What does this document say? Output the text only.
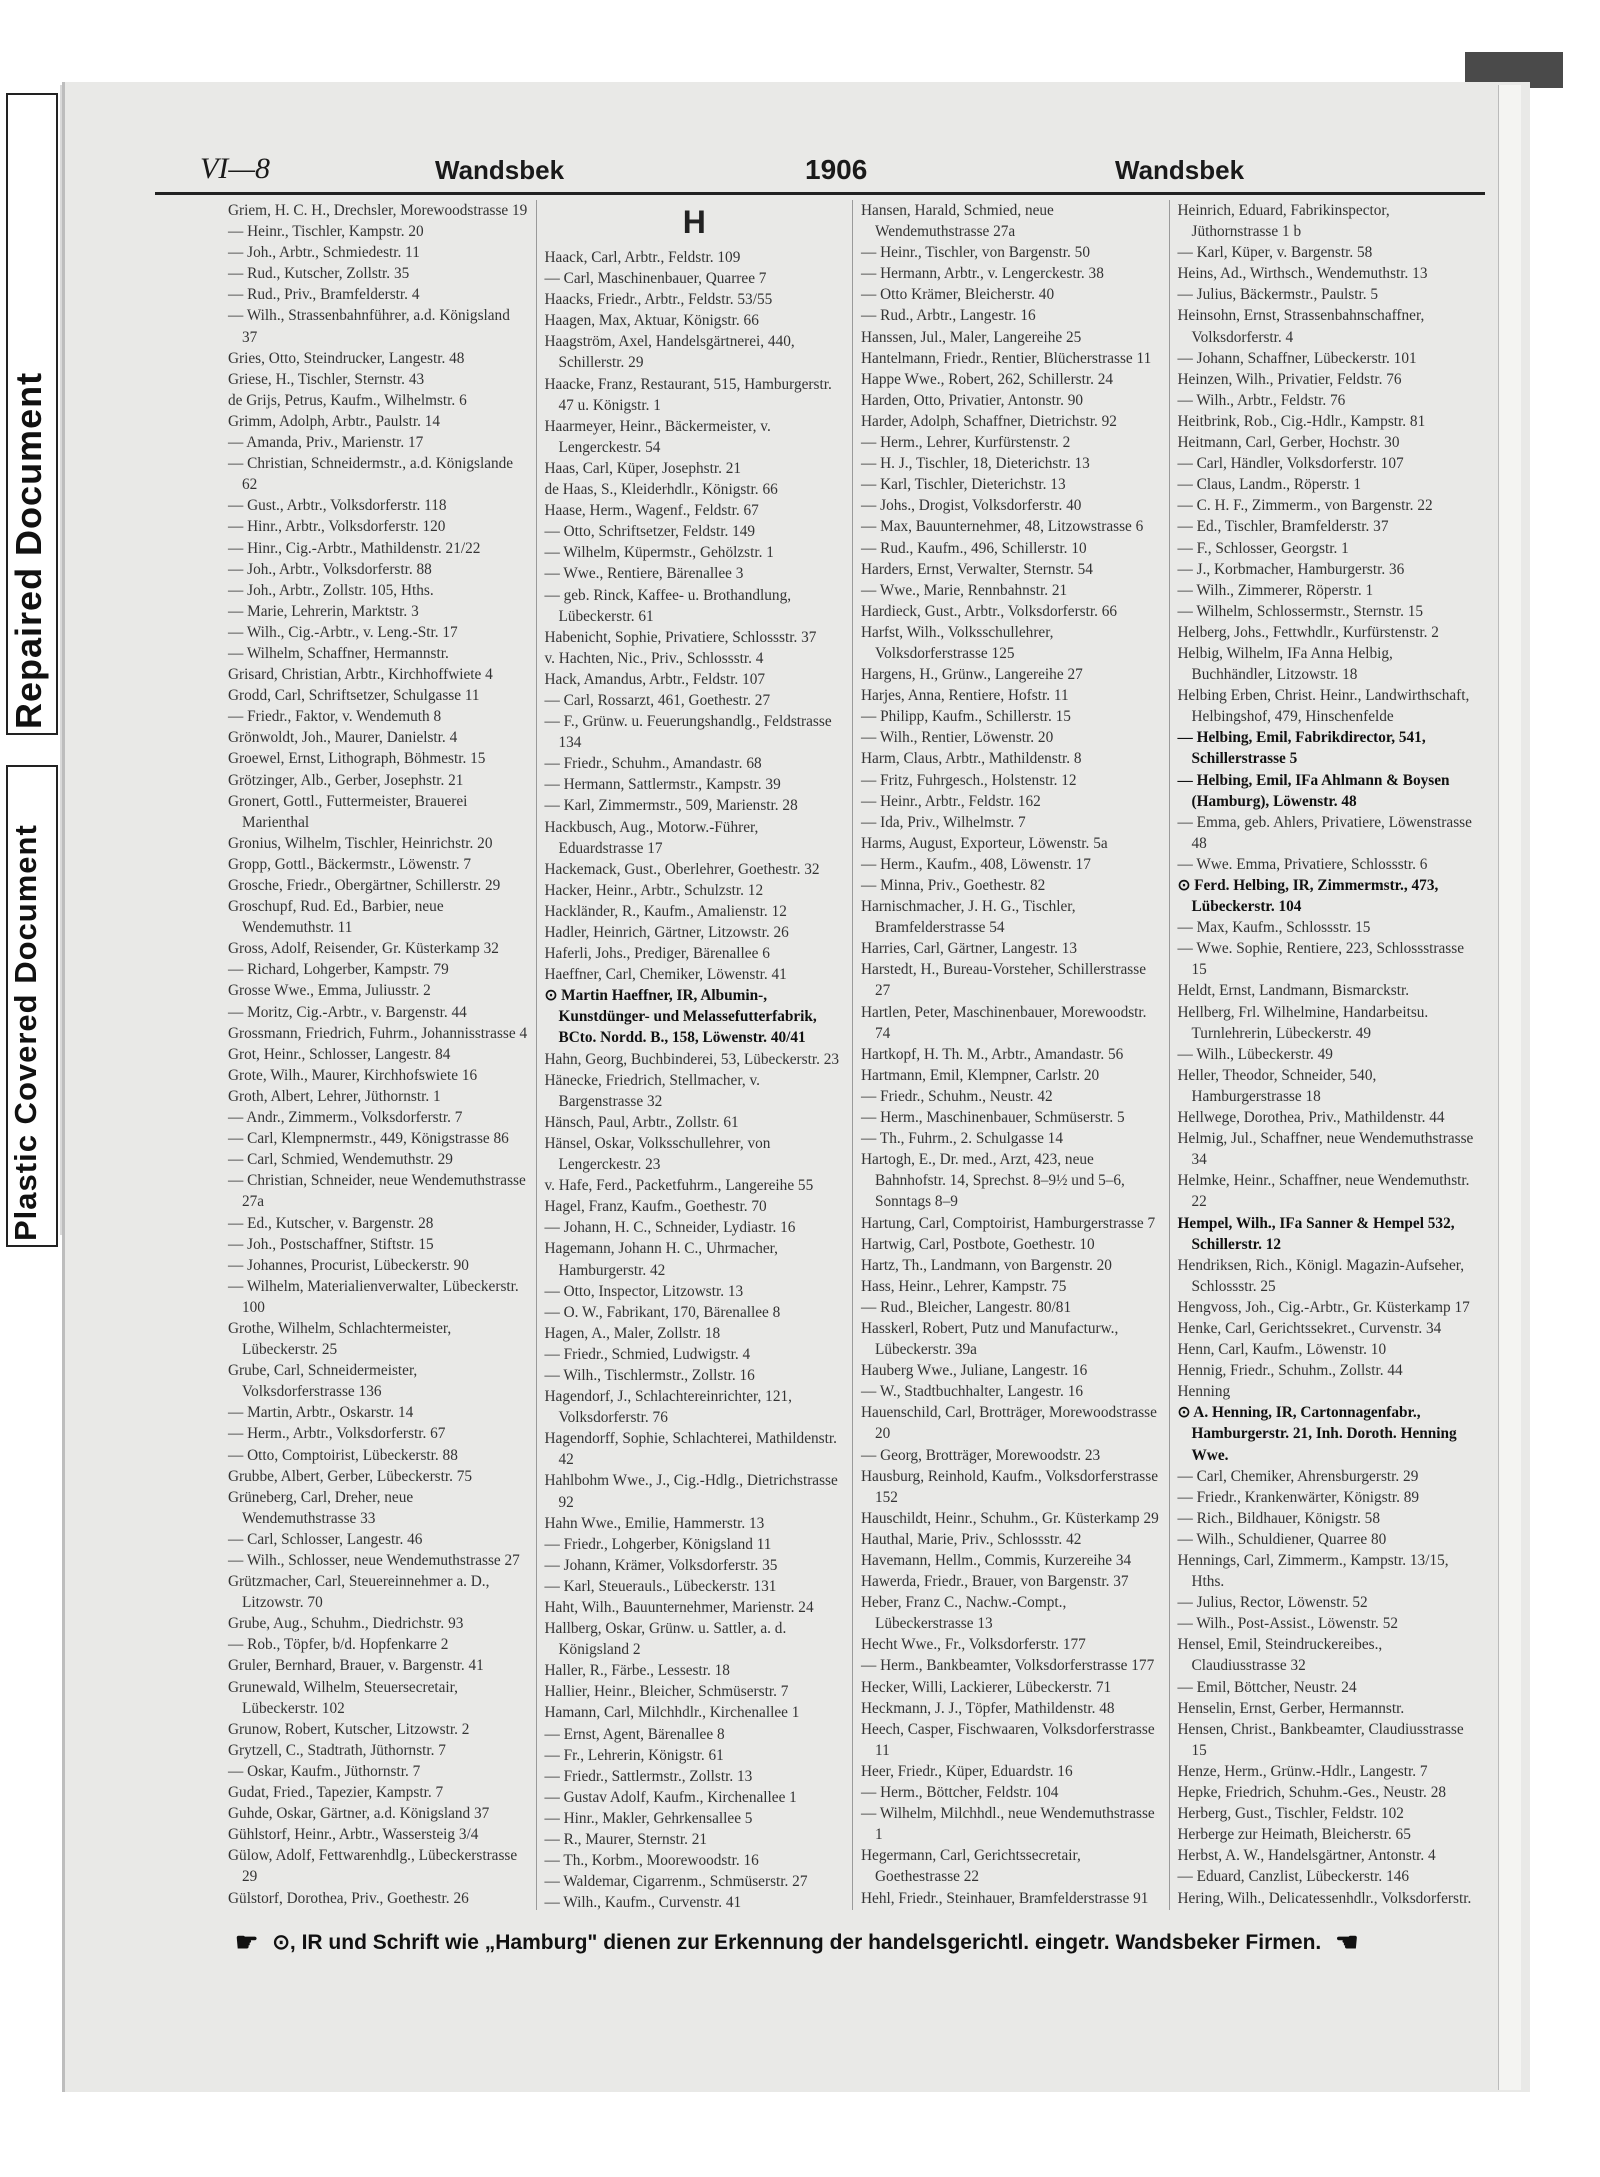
Repaired Document
Plastic Covered Document
VI—8	Wandsbek	1906	Wandsbek
Griem, H. C. H., Drechsler, Morewoodstrasse 19
— Heinr., Tischler, Kampstr. 20
— Joh., Arbtr., Schmiedestr. 11
— Rud., Kutscher, Zollstr. 35
— Rud., Priv., Bramfelderstr. 4
— Wilh., Strassenbahnführer, a.d. Königsland 37
Gries, Otto, Steindrucker, Langestr. 48
Griese, H., Tischler, Sternstr. 43
de Grijs, Petrus, Kaufm., Wilhelmstr. 6
Grimm, Adolph, Arbtr., Paulstr. 14
— Amanda, Priv., Marienstr. 17
— Christian, Schneidermstr., a.d. Königslande 62
— Gust., Arbtr., Volksdorferstr. 118
— Hinr., Arbtr., Volksdorferstr. 120
— Hinr., Cig.-Arbtr., Mathildenstr. 21/22
— Joh., Arbtr., Volksdorferstr. 88
— Joh., Arbtr., Zollstr. 105, Hths.
— Marie, Lehrerin, Marktstr. 3
— Wilh., Cig.-Arbtr., v. Leng.-Str. 17
— Wilhelm, Schaffner, Hermannstr.
Grisard, Christian, Arbtr., Kirchhoffwiete 4
Grodd, Carl, Schriftsetzer, Schulgasse 11
— Friedr., Faktor, v. Wendemuth 8
Grönwoldt, Joh., Maurer, Danielstr. 4
Groewel, Ernst, Lithograph, Böhmestr. 15
Grötzinger, Alb., Gerber, Josephstr. 21
Gronert, Gottl., Futtermeister, Brauerei Marienthal
Gronius, Wilhelm, Tischler, Heinrichstr. 20
Gropp, Gottl., Bäckermstr., Löwenstr. 7
Grosche, Friedr., Obergärtner, Schillerstr. 29
Groschupf, Rud. Ed., Barbier, neue Wendemuthstr. 11
Gross, Adolf, Reisender, Gr. Küsterkamp 32
— Richard, Lohgerber, Kampstr. 79
Grosse Wwe., Emma, Juliusstr. 2
— Moritz, Cig.-Arbtr., v. Bargenstr. 44
Grossmann, Friedrich, Fuhrm., Johannisstrasse 4
Grot, Heinr., Schlosser, Langestr. 84
Grote, Wilh., Maurer, Kirchhofswiete 16
Groth, Albert, Lehrer, Jüthornstr. 1
— Andr., Zimmerm., Volksdorferstr. 7
— Carl, Klempnermstr., 449, Königstrasse 86
— Carl, Schmied, Wendemuthstr. 29
— Christian, Schneider, neue Wendemuthstrasse 27a
— Ed., Kutscher, v. Bargenstr. 28
— Joh., Postschaffner, Stiftstr. 15
— Johannes, Procurist, Lübeckerstr. 90
— Wilhelm, Materialienverwalter, Lübeckerstr. 100
Grothe, Wilhelm, Schlachtermeister, Lübeckerstr. 25
Grube, Carl, Schneidermeister, Volksdorferstrasse 136
— Martin, Arbtr., Oskarstr. 14
— Herm., Arbtr., Volksdorferstr. 67
— Otto, Comptoirist, Lübeckerstr. 88
Grubbe, Albert, Gerber, Lübeckerstr. 75
Grüneberg, Carl, Dreher, neue Wendemuthstrasse 33
— Carl, Schlosser, Langestr. 46
— Wilh., Schlosser, neue Wendemuthstrasse 27
Grützmacher, Carl, Steuereinnehmer a. D., Litzowstr. 70
Grube, Aug., Schuhm., Diedrichstr. 93
— Rob., Töpfer, b/d. Hopfenkarre 2
Gruler, Bernhard, Brauer, v. Bargenstr. 41
Grunewald, Wilhelm, Steuersecretair, Lübeckerstr. 102
Grunow, Robert, Kutscher, Litzowstr. 2
Grytzell, C., Stadtrath, Jüthornstr. 7
— Oskar, Kaufm., Jüthornstr. 7
Gudat, Fried., Tapezier, Kampstr. 7
Guhde, Oskar, Gärtner, a.d. Königsland 37
Gühlstorf, Heinr., Arbtr., Wassersteig 3/4
Gülow, Adolf, Fettwarenhdlg., Lübeckerstrasse 29
Gülstorf, Dorothea, Priv., Goethestr. 26
H
Haack, Carl, Arbtr., Feldstr. 109
— Carl, Maschinenbauer, Quarree 7
Haacks, Friedr., Arbtr., Feldstr. 53/55
Haagen, Max, Aktuar, Königstr. 66
Haagström, Axel, Handelsgärtnerei, 440, Schillerstr. 29
Haacke, Franz, Restaurant, 515, Hamburgerstr. 47 u. Königstr. 1
Haarmeyer, Heinr., Bäckermeister, v. Lengerckestr. 54
Haas, Carl, Küper, Josephstr. 21
de Haas, S., Kleiderhdlr., Königstr. 66
Haase, Herm., Wagenf., Feldstr. 67
— Otto, Schriftsetzer, Feldstr. 149
— Wilhelm, Küpermstr., Gehölzstr. 1
— Wwe., Rentiere, Bärenallee 3
— geb. Rinck, Kaffee- u. Brothandlung, Lübeckerstr. 61
Habenicht, Sophie, Privatiere, Schlossstr. 37
v. Hachten, Nic., Priv., Schlossstr. 4
Hack, Amandus, Arbtr., Feldstr. 107
— Carl, Rossarzt, 461, Goethestr. 27
— F., Grünw. u. Feuerungshandlg., Feldstrasse 134
— Friedr., Schuhm., Amandastr. 68
— Hermann, Sattlermstr., Kampstr. 39
— Karl, Zimmermstr., 509, Marienstr. 28
Hackbusch, Aug., Motorw.-Führer, Eduardstrasse 17
Hackemack, Gust., Oberlehrer, Goethestr. 32
Hacker, Heinr., Arbtr., Schulzstr. 12
Hackländer, R., Kaufm., Amalienstr. 12
Hadler, Heinrich, Gärtner, Litzowstr. 26
Haferli, Johs., Prediger, Bärenallee 6
Haeffner, Carl, Chemiker, Löwenstr. 41
⊙ Martin Haeffner, IR, Albumin-, Kunstdünger- und Melassefutterfabrik, BCto. Nordd. B., 158, Löwenstr. 40/41
Hahn, Georg, Buchbinderei, 53, Lübeckerstr. 23
Hänecke, Friedrich, Stellmacher, v. Bargenstrasse 32
Hänsch, Paul, Arbtr., Zollstr. 61
Hänsel, Oskar, Volksschullehrer, von Lengerckestr. 23
v. Hafe, Ferd., Packetfuhrm., Langereihe 55
Hagel, Franz, Kaufm., Goethestr. 70
— Johann, H. C., Schneider, Lydiastr. 16
Hagemann, Johann H. C., Uhrmacher, Hamburgerstr. 42
— Otto, Inspector, Litzowstr. 13
— O. W., Fabrikant, 170, Bärenallee 8
Hagen, A., Maler, Zollstr. 18
— Friedr., Schmied, Ludwigstr. 4
— Wilh., Tischlermstr., Zollstr. 16
Hagendorf, J., Schlachtereinrichter, 121, Volksdorferstr. 76
Hagendorff, Sophie, Schlachterei, Mathildenstr. 42
Hahlbohm Wwe., J., Cig.-Hdlg., Dietrichstrasse 92
Hahn Wwe., Emilie, Hammerstr. 13
— Friedr., Lohgerber, Königsland 11
— Johann, Krämer, Volksdorferstr. 35
— Karl, Steuerauls., Lübeckerstr. 131
Haht, Wilh., Bauunternehmer, Marienstr. 24
Hallberg, Oskar, Grünw. u. Sattler, a. d. Königsland 2
Haller, R., Färbe., Lessestr. 18
Hallier, Heinr., Bleicher, Schmüserstr. 7
Hamann, Carl, Milchhdlr., Kirchenallee 1
— Ernst, Agent, Bärenallee 8
— Fr., Lehrerin, Königstr. 61
— Friedr., Sattlermstr., Zollstr. 13
— Gustav Adolf, Kaufm., Kirchenallee 1
— Hinr., Makler, Gehrkensallee 5
— R., Maurer, Sternstr. 21
— Th., Korbm., Moorewoodstr. 16
— Waldemar, Cigarrenm., Schmüserstr. 27
— Wilh., Kaufm., Curvenstr. 41
Hansen, Harald, Schmied, neue Wendemuthstrasse 27a
— Heinr., Tischler, von Bargenstr. 50
— Hermann, Arbtr., v. Lengerckestr. 38
— Otto Krämer, Bleicherstr. 40
— Rud., Arbtr., Langestr. 16
Hanssen, Jul., Maler, Langereihe 25
Hantelmann, Friedr., Rentier, Blücherstrasse 11
Happe Wwe., Robert, 262, Schillerstr. 24
Harden, Otto, Privatier, Antonstr. 90
Harder, Adolph, Schaffner, Dietrichstr. 92
— Herm., Lehrer, Kurfürstenstr. 2
— H. J., Tischler, 18, Dieterichstr. 13
— Karl, Tischler, Dieterichstr. 13
— Johs., Drogist, Volksdorferstr. 40
— Max, Bauunternehmer, 48, Litzowstrasse 6
— Rud., Kaufm., 496, Schillerstr. 10
Harders, Ernst, Verwalter, Sternstr. 54
— Wwe., Marie, Rennbahnstr. 21
Hardieck, Gust., Arbtr., Volksdorferstr. 66
Harfst, Wilh., Volksschullehrer, Volksdorferstrasse 125
Hargens, H., Grünw., Langereihe 27
Harjes, Anna, Rentiere, Hofstr. 11
— Philipp, Kaufm., Schillerstr. 15
— Wilh., Rentier, Löwenstr. 20
Harm, Claus, Arbtr., Mathildenstr. 8
— Fritz, Fuhrgesch., Holstenstr. 12
— Heinr., Arbtr., Feldstr. 162
— Ida, Priv., Wilhelmstr. 7
Harms, August, Exporteur, Löwenstr. 5a
— Herm., Kaufm., 408, Löwenstr. 17
— Minna, Priv., Goethestr. 82
Harnischmacher, J. H. G., Tischler, Bramfelderstrasse 54
Harries, Carl, Gärtner, Langestr. 13
Harstedt, H., Bureau-Vorsteher, Schillerstrasse 27
Hartlen, Peter, Maschinenbauer, Morewoodstr. 74
Hartkopf, H. Th. M., Arbtr., Amandastr. 56
Hartmann, Emil, Klempner, Carlstr. 20
— Friedr., Schuhm., Neustr. 42
— Herm., Maschinenbauer, Schmüserstr. 5
— Th., Fuhrm., 2. Schulgasse 14
Hartogh, E., Dr. med., Arzt, 423, neue Bahnhofstr. 14, Sprechst. 8–9½ und 5–6, Sonntags 8–9
Hartung, Carl, Comptoirist, Hamburgerstrasse 7
Hartwig, Carl, Postbote, Goethestr. 10
Hartz, Th., Landmann, von Bargenstr. 20
Hass, Heinr., Lehrer, Kampstr. 75
— Rud., Bleicher, Langestr. 80/81
Hasskerl, Robert, Putz und Manufacturw., Lübeckerstr. 39a
Hauberg Wwe., Juliane, Langestr. 16
— W., Stadtbuchhalter, Langestr. 16
Hauenschild, Carl, Brotträger, Morewoodstrasse 20
— Georg, Brotträger, Morewoodstr. 23
Hausburg, Reinhold, Kaufm., Volksdorferstrasse 152
Hauschildt, Heinr., Schuhm., Gr. Küsterkamp 29
Hauthal, Marie, Priv., Schlossstr. 42
Havemann, Hellm., Commis, Kurzereihe 34
Hawerda, Friedr., Brauer, von Bargenstr. 37
Heber, Franz C., Nachw.-Compt., Lübeckerstrasse 13
Hecht Wwe., Fr., Volksdorferstr. 177
— Herm., Bankbeamter, Volksdorferstrasse 177
Hecker, Willi, Lackierer, Lübeckerstr. 71
Heckmann, J. J., Töpfer, Mathildenstr. 48
Heech, Casper, Fischwaaren, Volksdorferstrasse 11
Heer, Friedr., Küper, Eduardstr. 16
— Herm., Böttcher, Feldstr. 104
— Wilhelm, Milchhdl., neue Wendemuthstrasse 1
Hegermann, Carl, Gerichtssecretair, Goethestrasse 22
Hehl, Friedr., Steinhauer, Bramfelderstrasse 91
Heinrich, Eduard, Fabrikinspector, Jüthornstrasse 1 b
— Karl, Küper, v. Bargenstr. 58
Heins, Ad., Wirthsch., Wendemuthstr. 13
— Julius, Bäckermstr., Paulstr. 5
Heinsohn, Ernst, Strassenbahnschaffner, Volksdorferstr. 4
— Johann, Schaffner, Lübeckerstr. 101
Heinzen, Wilh., Privatier, Feldstr. 76
— Wilh., Arbtr., Feldstr. 76
Heitbrink, Rob., Cig.-Hdlr., Kampstr. 81
Heitmann, Carl, Gerber, Hochstr. 30
— Carl, Händler, Volksdorferstr. 107
— Claus, Landm., Röperstr. 1
— C. H. F., Zimmerm., von Bargenstr. 22
— Ed., Tischler, Bramfelderstr. 37
— F., Schlosser, Georgstr. 1
— J., Korbmacher, Hamburgerstr. 36
— Wilh., Zimmerer, Röperstr. 1
— Wilhelm, Schlossermstr., Sternstr. 15
Helberg, Johs., Fettwhdlr., Kurfürstenstr. 2
Helbig, Wilhelm, IFa Anna Helbig, Buchhändler, Litzowstr. 18
Helbing Erben, Christ. Heinr., Landwirthschaft, Helbingshof, 479, Hinschenfelde
— Helbing, Emil, Fabrikdirector, 541, Schillerstrasse 5
— Helbing, Emil, IFa Ahlmann & Boysen (Hamburg), Löwenstr. 48
— Emma, geb. Ahlers, Privatiere, Löwenstrasse 48
— Wwe. Emma, Privatiere, Schlossstr. 6
⊙ Ferd. Helbing, IR, Zimmermstr., 473, Lübeckerstr. 104
— Max, Kaufm., Schlossstr. 15
— Wwe. Sophie, Rentiere, 223, Schlossstrasse 15
Heldt, Ernst, Landmann, Bismarckstr.
Hellberg, Frl. Wilhelmine, Handarbeitsu. Turnlehrerin, Lübeckerstr. 49
— Wilh., Lübeckerstr. 49
Heller, Theodor, Schneider, 540, Hamburgerstrasse 18
Hellwege, Dorothea, Priv., Mathildenstr. 44
Helmig, Jul., Schaffner, neue Wendemuthstrasse 34
Helmke, Heinr., Schaffner, neue Wendemuthstr. 22
Hempel, Wilh., IFa Sanner & Hempel 532, Schillerstr. 12
Hendriksen, Rich., Königl. Magazin-Aufseher, Schlossstr. 25
Hengvoss, Joh., Cig.-Arbtr., Gr. Küsterkamp 17
Henke, Carl, Gerichtssekret., Curvenstr. 34
Henn, Carl, Kaufm., Löwenstr. 10
Hennig, Friedr., Schuhm., Zollstr. 44
Henning
⊙ A. Henning, IR, Cartonnagenfabr., Hamburgerstr. 21, Inh. Doroth. Henning Wwe.
— Carl, Chemiker, Ahrensburgerstr. 29
— Friedr., Krankenwärter, Königstr. 89
— Rich., Bildhauer, Königstr. 58
— Wilh., Schuldiener, Quarree 80
Hennings, Carl, Zimmerm., Kampstr. 13/15, Hths.
— Julius, Rector, Löwenstr. 52
— Wilh., Post-Assist., Löwenstr. 52
Hensel, Emil, Steindruckereibes., Claudiusstrasse 32
— Emil, Böttcher, Neustr. 24
Henselin, Ernst, Gerber, Hermannstr.
Hensen, Christ., Bankbeamter, Claudiusstrasse 15
Henze, Herm., Grünw.-Hdlr., Langestr. 7
Hepke, Friedrich, Schuhm.-Ges., Neustr. 28
Herberg, Gust., Tischler, Feldstr. 102
Herberge zur Heimath, Bleicherstr. 65
Herbst, A. W., Handelsgärtner, Antonstr. 4
— Eduard, Canzlist, Lübeckerstr. 146
Hering, Wilh., Delicatessenhdlr., Volksdorferstr.
☛ ⊙, IR und Schrift wie „Hamburg" dienen zur Erkennung der handelsgerichtl. eingetr. Wandsbeker Firmen. ☚
